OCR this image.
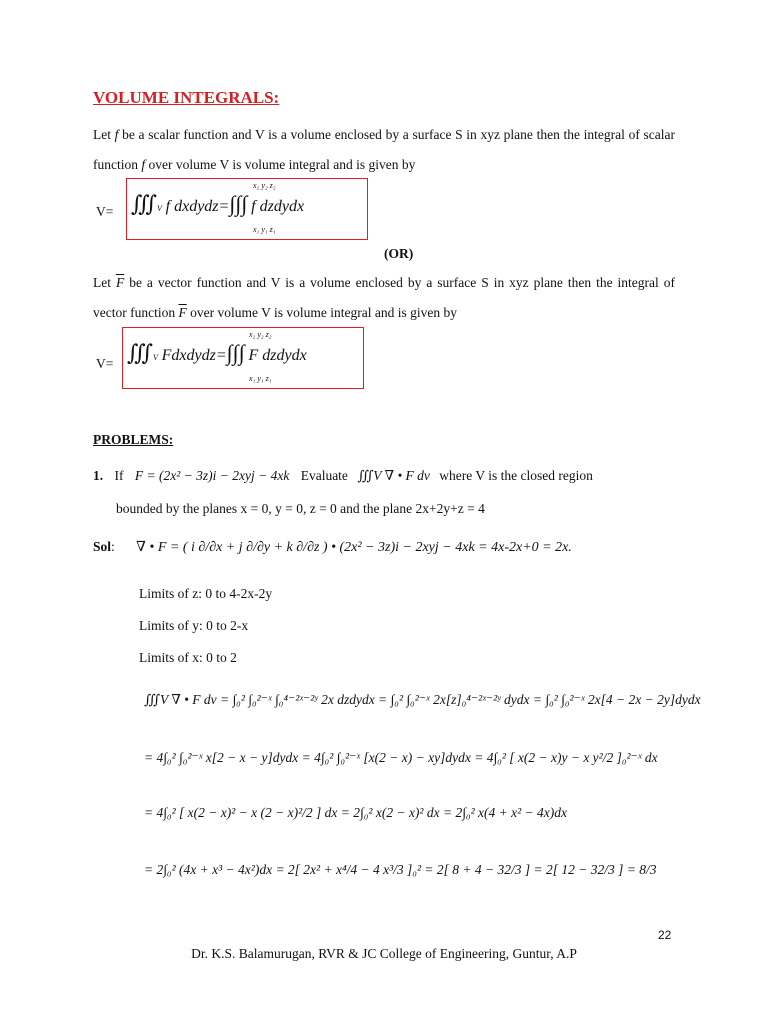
VOLUME INTEGRALS:
Let f be a scalar function and V is a volume enclosed by a surface S in xyz plane then the integral of scalar function f over volume V is volume integral and is given by
V= ∭V f dxdydz=∫∫∫ f dzdydx
x₂ y₂ z₂
x₁ y₁ z₁
(OR)
Let $\overline{F}$ be a vector function and V is a volume enclosed by a surface S in xyz plane then the integral of vector function $\overline{F}$ over volume V is volume integral and is given by
V= ∭V Fdxdydz=∫∫∫ F dzdydx
x₂ y₂ z₂
x₁ y₁ z₁
PROBLEMS:
1. If F = (2x² − 3z)i − 2xyj − 4xk Evaluate ∭V ∇ • F dv where V is the closed region
bounded by the planes x = 0, y = 0, z = 0 and the plane 2x+2y+z = 4
Sol: ∇ • F = ( i ∂/∂x + j ∂/∂y + k ∂/∂z ) • (2x² − 3z)i − 2xyj − 4xk = 4x-2x+0 = 2x.
Limits of z: 0 to 4-2x-2y
Limits of y: 0 to 2-x
Limits of x: 0 to 2
∭V ∇ • F dv = ∫₀² ∫₀²⁻ˣ ∫₀⁴⁻²ˣ⁻²ʸ 2x dzdydx = ∫₀² ∫₀²⁻ˣ 2x[z]₀⁴⁻²ˣ⁻²ʸ dydx = ∫₀² ∫₀²⁻ˣ 2x[4 − 2x − 2y]dydx
= 4∫₀² ∫₀²⁻ˣ x[2 − x − y]dydx = 4∫₀² ∫₀²⁻ˣ [x(2 − x) − xy]dydx = 4∫₀² [ x(2 − x)y − x y²/2 ]₀²⁻ˣ dx
= 4∫₀² [ x(2 − x)² − x (2 − x)²/2 ] dx = 2∫₀² x(2 − x)² dx = 2∫₀² x(4 + x² − 4x)dx
= 2∫₀² (4x + x³ − 4x²)dx = 2[ 2x² + x⁴/4 − 4 x³/3 ]₀² = 2[ 8 + 4 − 32/3 ] = 2[ 12 − 32/3 ] = 8/3
22
Dr. K.S. Balamurugan, RVR & JC College of Engineering, Guntur, A.P
